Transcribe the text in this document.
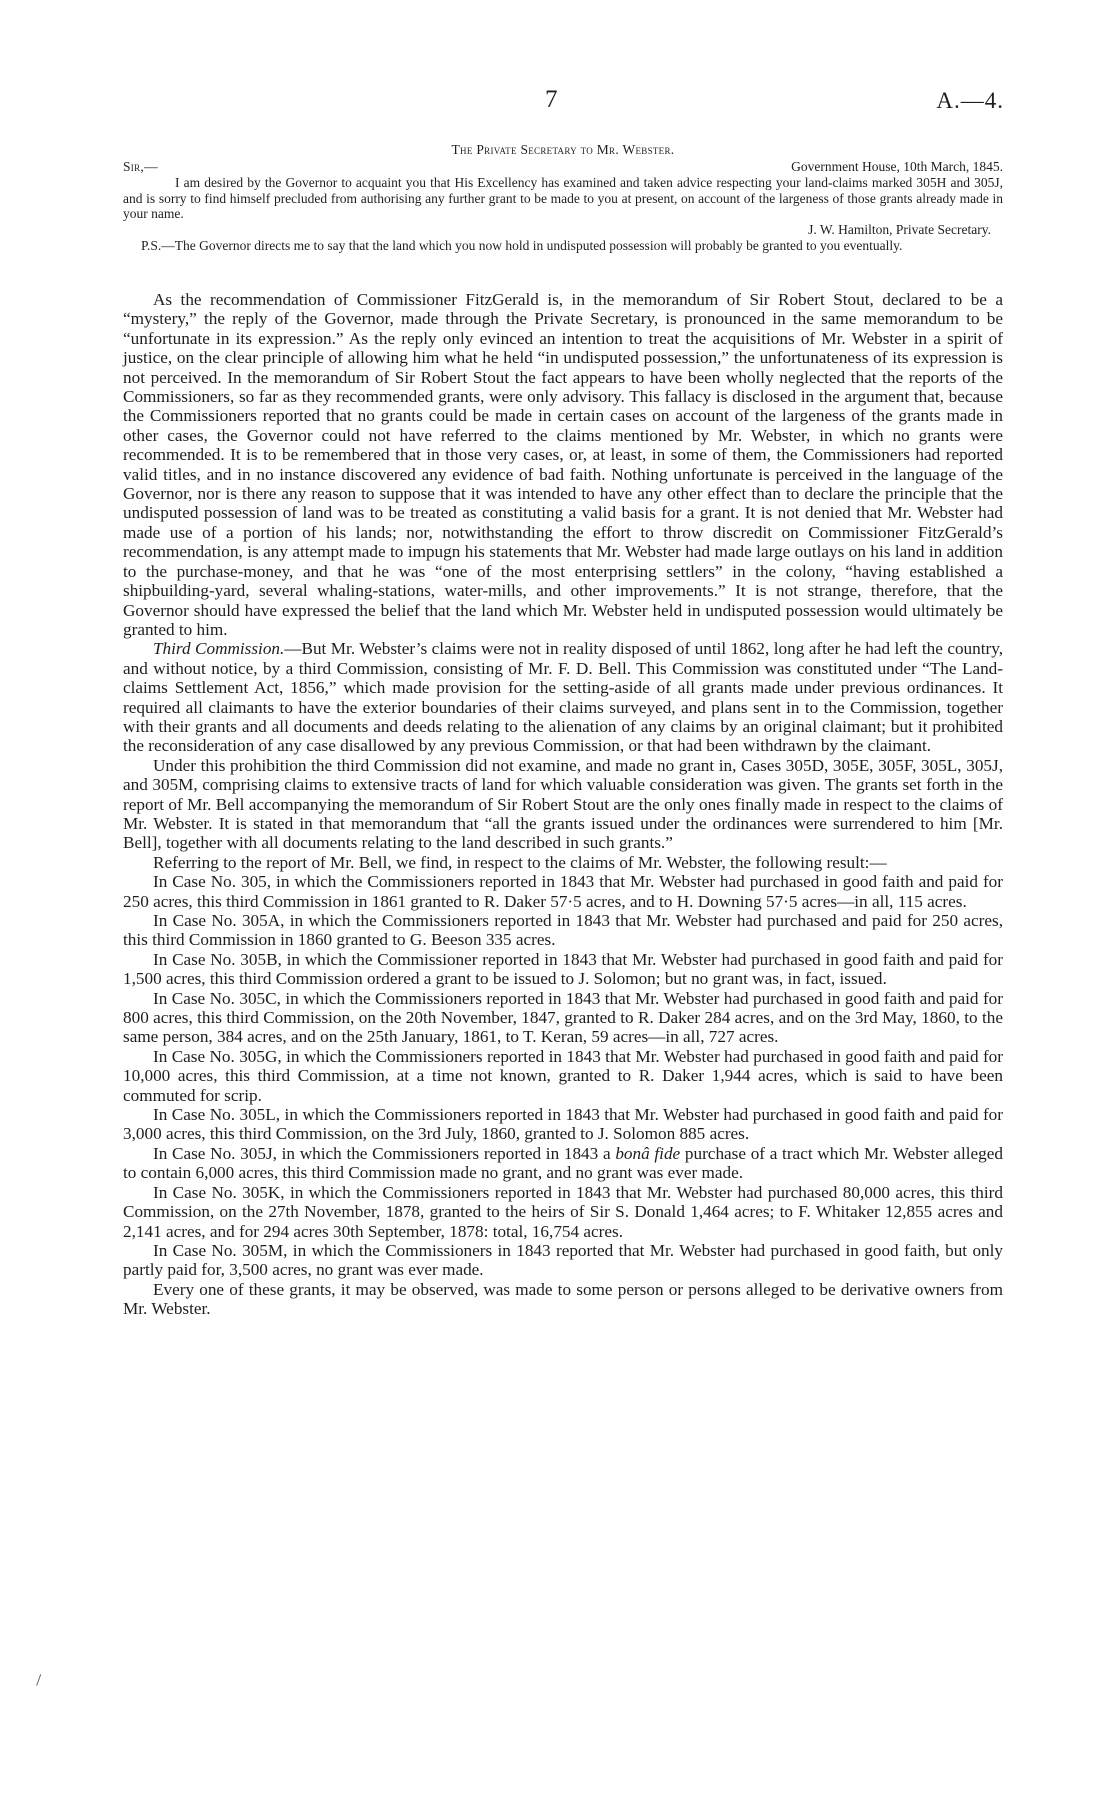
7	A.—4.
The Private Secretary to Mr. Webster.
Sir,—	Government House, 10th March, 1845.

I am desired by the Governor to acquaint you that His Excellency has examined and taken advice respecting your land-claims marked 305H and 305J, and is sorry to find himself precluded from authorising any further grant to be made to you at present, on account of the largeness of those grants already made in your name.

J. W. Hamilton, Private Secretary.

P.S.—The Governor directs me to say that the land which you now hold in undisputed possession will probably be granted to you eventually.

As the recommendation of Commissioner FitzGerald is, in the memorandum of Sir Robert Stout, declared to be a “mystery,” the reply of the Governor, made through the Private Secretary, is pronounced in the same memorandum to be “unfortunate in its expression.” As the reply only evinced an intention to treat the acquisitions of Mr. Webster in a spirit of justice, on the clear principle of allowing him what he held “in undisputed possession,” the unfortunateness of its expression is not perceived. In the memorandum of Sir Robert Stout the fact appears to have been wholly neglected that the reports of the Commissioners, so far as they recommended grants, were only advisory. This fallacy is disclosed in the argument that, because the Commissioners reported that no grants could be made in certain cases on account of the largeness of the grants made in other cases, the Governor could not have referred to the claims mentioned by Mr. Webster, in which no grants were recommended. It is to be remembered that in those very cases, or, at least, in some of them, the Commissioners had reported valid titles, and in no instance discovered any evidence of bad faith. Nothing unfortunate is perceived in the language of the Governor, nor is there any reason to suppose that it was intended to have any other effect than to declare the principle that the undisputed possession of land was to be treated as constituting a valid basis for a grant. It is not denied that Mr. Webster had made use of a portion of his lands; nor, notwithstanding the effort to throw discredit on Commissioner FitzGerald’s recommendation, is any attempt made to impugn his statements that Mr. Webster had made large outlays on his land in addition to the purchase-money, and that he was “one of the most enterprising settlers” in the colony, “having established a shipbuilding-yard, several whaling-stations, water-mills, and other improvements.” It is not strange, therefore, that the Governor should have expressed the belief that the land which Mr. Webster held in undisputed possession would ultimately be granted to him.

Third Commission.—But Mr. Webster’s claims were not in reality disposed of until 1862, long after he had left the country, and without notice, by a third Commission, consisting of Mr. F. D. Bell. This Commission was constituted under “The Land-claims Settlement Act, 1856,” which made provision for the setting-aside of all grants made under previous ordinances. It required all claimants to have the exterior boundaries of their claims surveyed, and plans sent in to the Commission, together with their grants and all documents and deeds relating to the alienation of any claims by an original claimant; but it prohibited the reconsideration of any case disallowed by any previous Commission, or that had been withdrawn by the claimant.

Under this prohibition the third Commission did not examine, and made no grant in, Cases 305D, 305E, 305F, 305L, 305J, and 305M, comprising claims to extensive tracts of land for which valuable consideration was given. The grants set forth in the report of Mr. Bell accompanying the memorandum of Sir Robert Stout are the only ones finally made in respect to the claims of Mr. Webster. It is stated in that memorandum that “all the grants issued under the ordinances were surrendered to him [Mr. Bell], together with all documents relating to the land described in such grants.”

Referring to the report of Mr. Bell, we find, in respect to the claims of Mr. Webster, the following result:—

In Case No. 305, in which the Commissioners reported in 1843 that Mr. Webster had purchased in good faith and paid for 250 acres, this third Commission in 1861 granted to R. Daker 57·5 acres, and to H. Downing 57·5 acres—in all, 115 acres.

In Case No. 305A, in which the Commissioners reported in 1843 that Mr. Webster had purchased and paid for 250 acres, this third Commission in 1860 granted to G. Beeson 335 acres.

In Case No. 305B, in which the Commissioner reported in 1843 that Mr. Webster had purchased in good faith and paid for 1,500 acres, this third Commission ordered a grant to be issued to J. Solomon; but no grant was, in fact, issued.

In Case No. 305C, in which the Commissioners reported in 1843 that Mr. Webster had purchased in good faith and paid for 800 acres, this third Commission, on the 20th November, 1847, granted to R. Daker 284 acres, and on the 3rd May, 1860, to the same person, 384 acres, and on the 25th January, 1861, to T. Keran, 59 acres—in all, 727 acres.

In Case No. 305G, in which the Commissioners reported in 1843 that Mr. Webster had purchased in good faith and paid for 10,000 acres, this third Commission, at a time not known, granted to R. Daker 1,944 acres, which is said to have been commuted for scrip.

In Case No. 305L, in which the Commissioners reported in 1843 that Mr. Webster had purchased in good faith and paid for 3,000 acres, this third Commission, on the 3rd July, 1860, granted to J. Solomon 885 acres.

In Case No. 305J, in which the Commissioners reported in 1843 a bonâ fide purchase of a tract which Mr. Webster alleged to contain 6,000 acres, this third Commission made no grant, and no grant was ever made.

In Case No. 305K, in which the Commissioners reported in 1843 that Mr. Webster had purchased 80,000 acres, this third Commission, on the 27th November, 1878, granted to the heirs of Sir S. Donald 1,464 acres; to F. Whitaker 12,855 acres and 2,141 acres, and for 294 acres 30th September, 1878: total, 16,754 acres.

In Case No. 305M, in which the Commissioners in 1843 reported that Mr. Webster had purchased in good faith, but only partly paid for, 3,500 acres, no grant was ever made.

Every one of these grants, it may be observed, was made to some person or persons alleged to be derivative owners from Mr. Webster.
